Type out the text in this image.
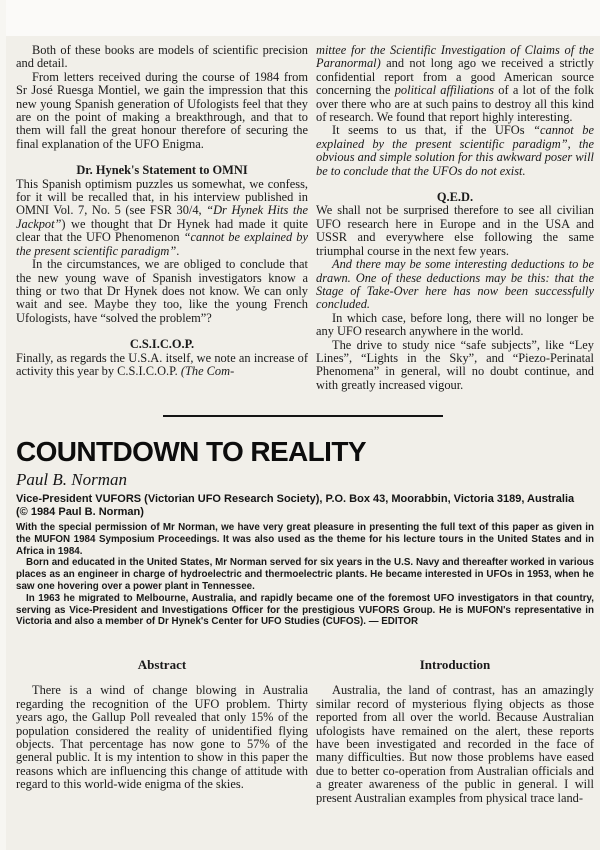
Both of these books are models of scientific precision and detail.

From letters received during the course of 1984 from Sr José Ruesga Montiel, we gain the impression that this new young Spanish generation of Ufologists feel that they are on the point of making a breakthrough, and that to them will fall the great honour therefore of securing the final explanation of the UFO Enigma.

Dr. Hynek's Statement to OMNI

This Spanish optimism puzzles us somewhat, we confess, for it will be recalled that, in his interview published in OMNI Vol. 7, No. 5 (see FSR 30/4, “Dr Hynek Hits the Jackpot”) we thought that Dr Hynek had made it quite clear that the UFO Phenomenon “cannot be explained by the present scientific paradigm”.

In the circumstances, we are obliged to conclude that the new young wave of Spanish investigators know a thing or two that Dr Hynek does not know. We can only wait and see. Maybe they too, like the young French Ufologists, have “solved the problem”?

C.S.I.C.O.P.

Finally, as regards the U.S.A. itself, we note an increase of activity this year by C.S.I.C.O.P. (The Com-

mittee for the Scientific Investigation of Claims of the Paranormal) and not long ago we received a strictly confidential report from a good American source concerning the political affiliations of a lot of the folk over there who are at such pains to destroy all this kind of research. We found that report highly interesting.

It seems to us that, if the UFOs “cannot be explained by the present scientific paradigm”, the obvious and simple solution for this awkward poser will be to conclude that the UFOs do not exist.

Q.E.D.

We shall not be surprised therefore to see all civilian UFO research here in Europe and in the USA and USSR and everywhere else following the same triumphal course in the next few years.

And there may be some interesting deductions to be drawn. One of these deductions may be this: that the Stage of Take-Over here has now been successfully concluded.

In which case, before long, there will no longer be any UFO research anywhere in the world.

The drive to study nice “safe subjects”, like “Ley Lines”, “Lights in the Sky”, and “Piezo-Perinatal Phenomena” in general, will no doubt continue, and with greatly increased vigour.

COUNTDOWN TO REALITY
Paul B. Norman
Vice-President VUFORS (Victorian UFO Research Society), P.O. Box 43, Moorabbin, Victoria 3189, Australia
(© 1984 Paul B. Norman)

With the special permission of Mr Norman, we have very great pleasure in presenting the full text of this paper as given in the MUFON 1984 Symposium Proceedings. It was also used as the theme for his lecture tours in the United States and in Africa in 1984.

Born and educated in the United States, Mr Norman served for six years in the U.S. Navy and thereafter worked in various places as an engineer in charge of hydroelectric and thermoelectric plants. He became interested in UFOs in 1953, when he saw one hovering over a power plant in Tennessee.

In 1963 he migrated to Melbourne, Australia, and rapidly became one of the foremost UFO investigators in that country, serving as Vice-President and Investigations Officer for the prestigious VUFORS Group. He is MUFON's representative in Victoria and also a member of Dr Hynek's Center for UFO Studies (CUFOS). — EDITOR

Abstract

There is a wind of change blowing in Australia regarding the recognition of the UFO problem. Thirty years ago, the Gallup Poll revealed that only 15% of the population considered the reality of unidentified flying objects. That percentage has now gone to 57% of the general public. It is my intention to show in this paper the reasons which are influencing this change of attitude with regard to this world-wide enigma of the skies.

Introduction

Australia, the land of contrast, has an amazingly similar record of mysterious flying objects as those reported from all over the world. Because Australian ufologists have remained on the alert, these reports have been investigated and recorded in the face of many difficulties. But now those problems have eased due to better co-operation from Australian officials and a greater awareness of the public in general. I will present Australian examples from physical trace land-
